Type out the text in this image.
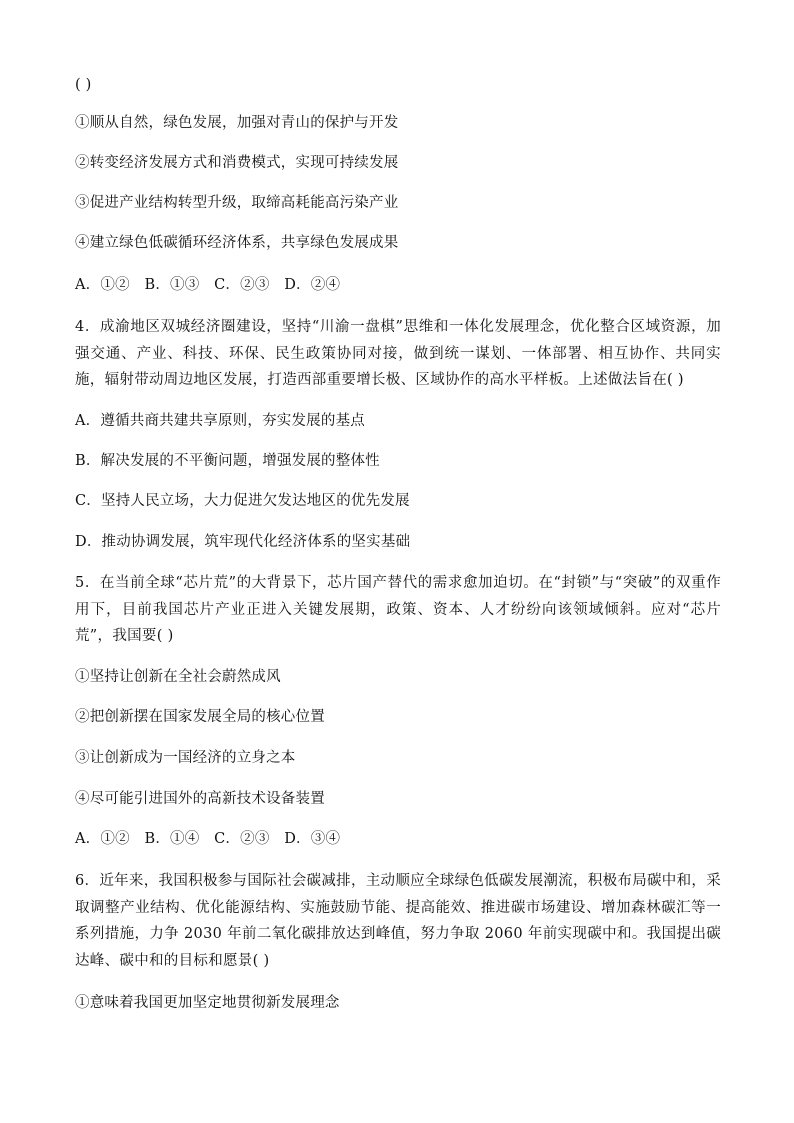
( )
①顺从自然，绿色发展，加强对青山的保护与开发
②转变经济发展方式和消费模式，实现可持续发展
③促进产业结构转型升级，取缔高耗能高污染产业
④建立绿色低碳循环经济体系，共享绿色发展成果
A．①②　B．①③　C．②③　D．②④
4．成渝地区双城经济圈建设，坚持“川渝一盘棋”思维和一体化发展理念，优化整合区域资源，加强交通、产业、科技、环保、民生政策协同对接，做到统一谋划、一体部署、相互协作、共同实施，辐射带动周边地区发展，打造西部重要增长极、区域协作的高水平样板。上述做法旨在( )
A．遵循共商共建共享原则，夯实发展的基点
B．解决发展的不平衡问题，增强发展的整体性
C．坚持人民立场，大力促进欠发达地区的优先发展
D．推动协调发展，筑牢现代化经济体系的坚实基础
5．在当前全球“芯片荒”的大背景下，芯片国产替代的需求愈加迫切。在“封锁”与“突破”的双重作用下，目前我国芯片产业正进入关键发展期，政策、资本、人才纷纷向该领域倾斜。应对“芯片荒”，我国要( )
①坚持让创新在全社会蔚然成风
②把创新摆在国家发展全局的核心位置
③让创新成为一国经济的立身之本
④尽可能引进国外的高新技术设备装置
A．①②　B．①④　C．②③　D．③④
6．近年来，我国积极参与国际社会碳减排，主动顺应全球绿色低碳发展潮流，积极布局碳中和，采取调整产业结构、优化能源结构、实施鼓励节能、提高能效、推进碳市场建设、增加森林碳汇等一系列措施，力争 2030 年前二氧化碳排放达到峰值，努力争取 2060 年前实现碳中和。我国提出碳达峰、碳中和的目标和愿景( )
①意味着我国更加坚定地贯彻新发展理念
